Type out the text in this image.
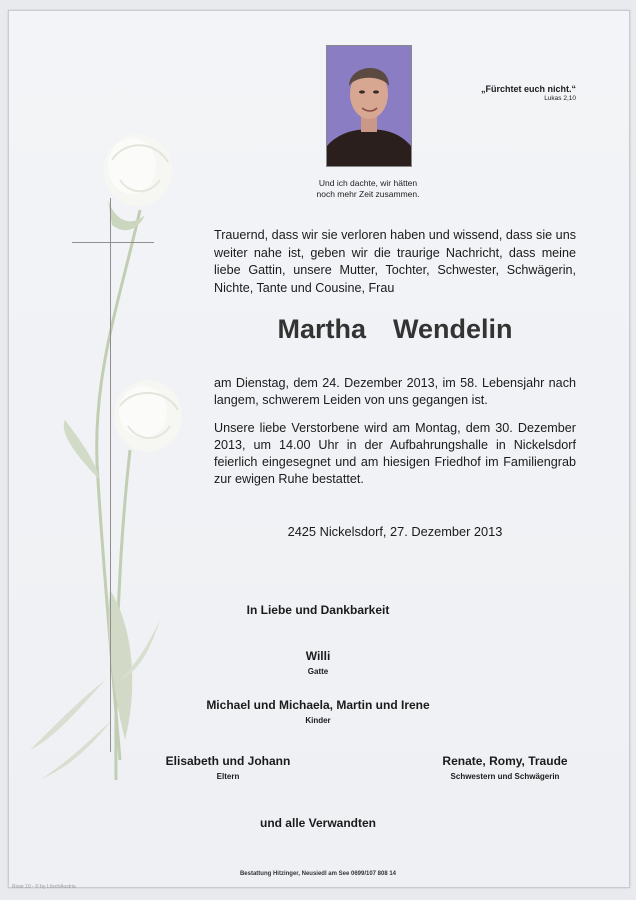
Und ich dachte, wir hätten
noch mehr Zeit zusammen.
„Fürchtet euch nicht.“
Lukas 2,10
Trauernd, dass wir sie verloren haben und wissend, dass sie uns weiter nahe ist, geben wir die traurige Nachricht, dass meine liebe Gattin, unsere Mutter, Tochter, Schwester, Schwägerin, Nichte, Tante und Cousine, Frau
Martha  Wendelin
am Dienstag, dem 24. Dezember 2013, im 58. Lebensjahr nach langem, schwerem Leiden von uns gegangen ist.
Unsere liebe Verstorbene wird am Montag, dem 30. Dezember 2013, um 14.00 Uhr in der Aufbahrungshalle in Nickelsdorf feierlich eingesegnet und am hiesigen Friedhof im Familiengrab zur ewigen Ruhe bestattet.
2425 Nickelsdorf, 27. Dezember 2013
In Liebe und Dankbarkeit
Willi
Gatte
Michael und Michaela, Martin und Irene
Kinder
Elisabeth und Johann
Eltern
Renate, Romy, Traude
Schwestern und Schwägerin
und alle Verwandten
Bestattung Hitzinger, Neusiedl am See 0699/107 808 14
Rose 10 - © by LöschAustria
